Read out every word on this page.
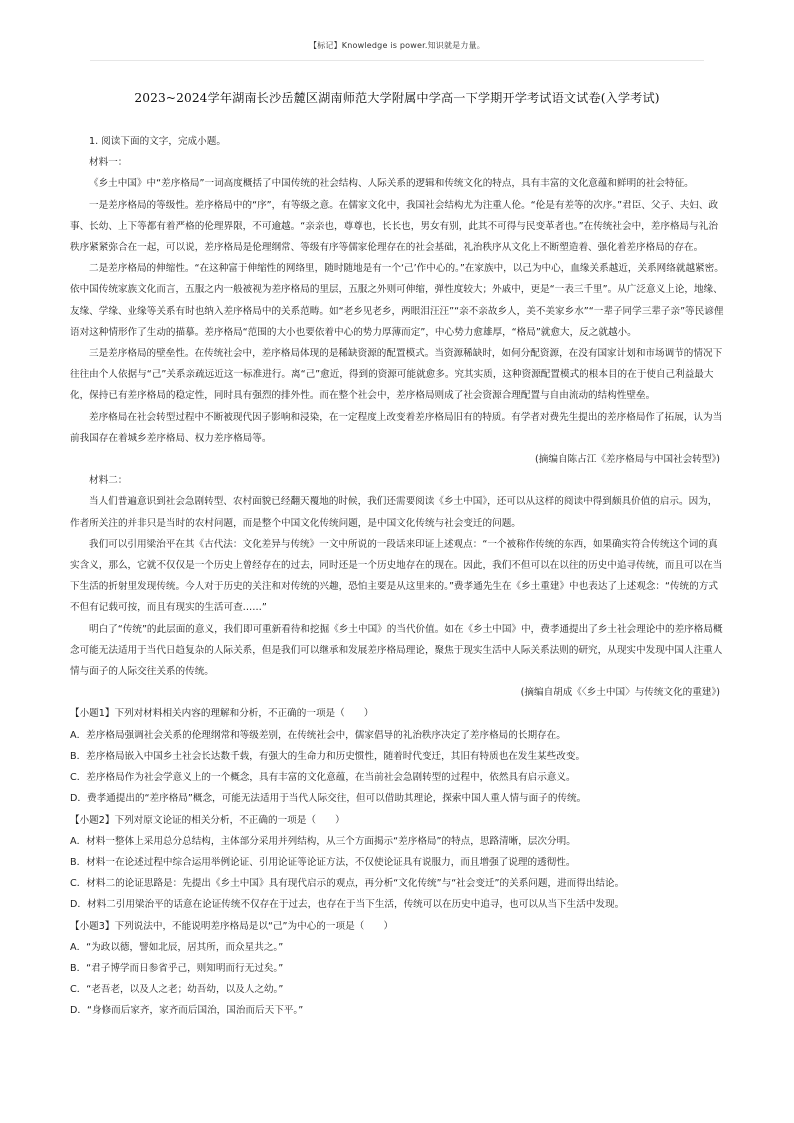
【标记】Knowledge is power.知识就是力量。
2023~2024学年湖南长沙岳麓区湖南师范大学附属中学高一下学期开学考试语文试卷(入学考试)

1. 阅读下面的文字，完成小题。

材料一：

《乡土中国》中“差序格局”一词高度概括了中国传统的社会结构、人际关系的逻辑和传统文化的特点，具有丰富的文化意蕴和鲜明的社会特征。

一是差序格局的等级性。差序格局中的“序”，有等级之意。在儒家文化中，我国社会结构尤为注重人伦。“伦是有差等的次序。”君臣、父子、夫妇、政事、长幼、上下等都有着严格的伦理界限，不可逾越。“亲亲也，尊尊也，长长也，男女有别，此其不可得与民变革者也。”在传统社会中，差序格局与礼治秩序紧紧弥合在一起，可以说，差序格局是伦理纲常、等级有序等儒家伦理存在的社会基础，礼治秩序从文化上不断塑造着、强化着差序格局的存在。

二是差序格局的伸缩性。“在这种富于伸缩性的网络里，随时随地是有一个‘己’作中心的。”在家族中，以己为中心，血缘关系越近，关系网络就越紧密。依中国传统家族文化而言，五服之内一般被视为差序格局的里层，五服之外则可伸缩，弹性度较大；外戚中，更是“一表三千里”。从广泛意义上论，地缘、友缘、学缘、业缘等关系有时也纳入差序格局中的关系范畴。如“老乡见老乡，两眼泪汪汪”“亲不亲故乡人，美不美家乡水”“一辈子同学三辈子亲”等民谚俚语对这种情形作了生动的描摹。差序格局“范围的大小也要依着中心的势力厚薄而定”，中心势力愈雄厚，“格局”就愈大，反之就越小。

三是差序格局的壁垒性。在传统社会中，差序格局体现的是稀缺资源的配置模式。当资源稀缺时，如何分配资源，在没有国家计划和市场调节的情况下往往由个人依据与“己”关系亲疏远近这一标准进行。离“己”愈近，得到的资源可能就愈多。究其实质，这种资源配置模式的根本目的在于使自己利益最大化，保持已有差序格局的稳定性，同时具有强烈的排外性。而在整个社会中，差序格局则成了社会资源合理配置与自由流动的结构性壁垒。

差序格局在社会转型过程中不断被现代因子影响和浸染，在一定程度上改变着差序格局旧有的特质。有学者对费先生提出的差序格局作了拓展，认为当前我国存在着城乡差序格局、权力差序格局等。

(摘编自陈占江《差序格局与中国社会转型》)

材料二：

当人们普遍意识到社会急剧转型、农村面貌已经翻天覆地的时候，我们还需要阅读《乡土中国》，还可以从这样的阅读中得到颇具价值的启示。因为，作者所关注的并非只是当时的农村问题，而是整个中国文化传统问题，是中国文化传统与社会变迁的问题。

我们可以引用梁治平在其《古代法：文化差异与传统》一文中所说的一段话来印证上述观点：“一个被称作传统的东西，如果确实符合传统这个词的真实含义，那么，它就不仅仅是一个历史上曾经存在的过去，同时还是一个历史地存在的现在。因此，我们不但可以在以往的历史中追寻传统，而且可以在当下生活的折射里发现传统。今人对于历史的关注和对传统的兴趣，恐怕主要是从这里来的。”费孝通先生在《乡土重建》中也表达了上述观念：“传统的方式不但有记载可按，而且有现实的生活可查……”

明白了“传统”的此层面的意义，我们即可重新看待和挖掘《乡土中国》的当代价值。如在《乡土中国》中，费孝通提出了乡土社会理论中的差序格局概念可能无法适用于当代日趋复杂的人际关系，但是我们可以继承和发展差序格局理论，聚焦于现实生活中人际关系法则的研究，从现实中发现中国人注重人情与面子的人际交往关系的传统。

(摘编自胡成《〈乡土中国〉与传统文化的重建》)

【小题1】下列对材料相关内容的理解和分析，不正确的一项是（　　）

A．差序格局强调社会关系的伦理纲常和等级差别，在传统社会中，儒家倡导的礼治秩序决定了差序格局的长期存在。

B．差序格局嵌入中国乡土社会长达数千载，有强大的生命力和历史惯性，随着时代变迁，其旧有特质也在发生某些改变。

C．差序格局作为社会学意义上的一个概念，具有丰富的文化意蕴，在当前社会急剧转型的过程中，依然具有启示意义。

D．费孝通提出的“差序格局”概念，可能无法适用于当代人际交往，但可以借助其理论，探索中国人重人情与面子的传统。

【小题2】下列对原文论证的相关分析，不正确的一项是（　　）

A．材料一整体上采用总分总结构，主体部分采用并列结构，从三个方面揭示“差序格局”的特点，思路清晰，层次分明。

B．材料一在论述过程中综合运用举例论证、引用论证等论证方法，不仅使论证具有说服力，而且增强了说理的透彻性。

C．材料二的论证思路是：先提出《乡土中国》具有现代启示的观点，再分析“文化传统”与“社会变迁”的关系问题，进而得出结论。

D．材料二引用梁治平的话意在论证传统不仅存在于过去，也存在于当下生活，传统可以在历史中追寻，也可以从当下生活中发现。

【小题3】下列说法中，不能说明差序格局是以“己”为中心的一项是（　　）

A．“为政以德，譬如北辰，居其所，而众星共之。”

B．“君子博学而日参省乎己，则知明而行无过矣。”

C．“老吾老，以及人之老；幼吾幼，以及人之幼。”

D．“身修而后家齐，家齐而后国治，国治而后天下平。”
